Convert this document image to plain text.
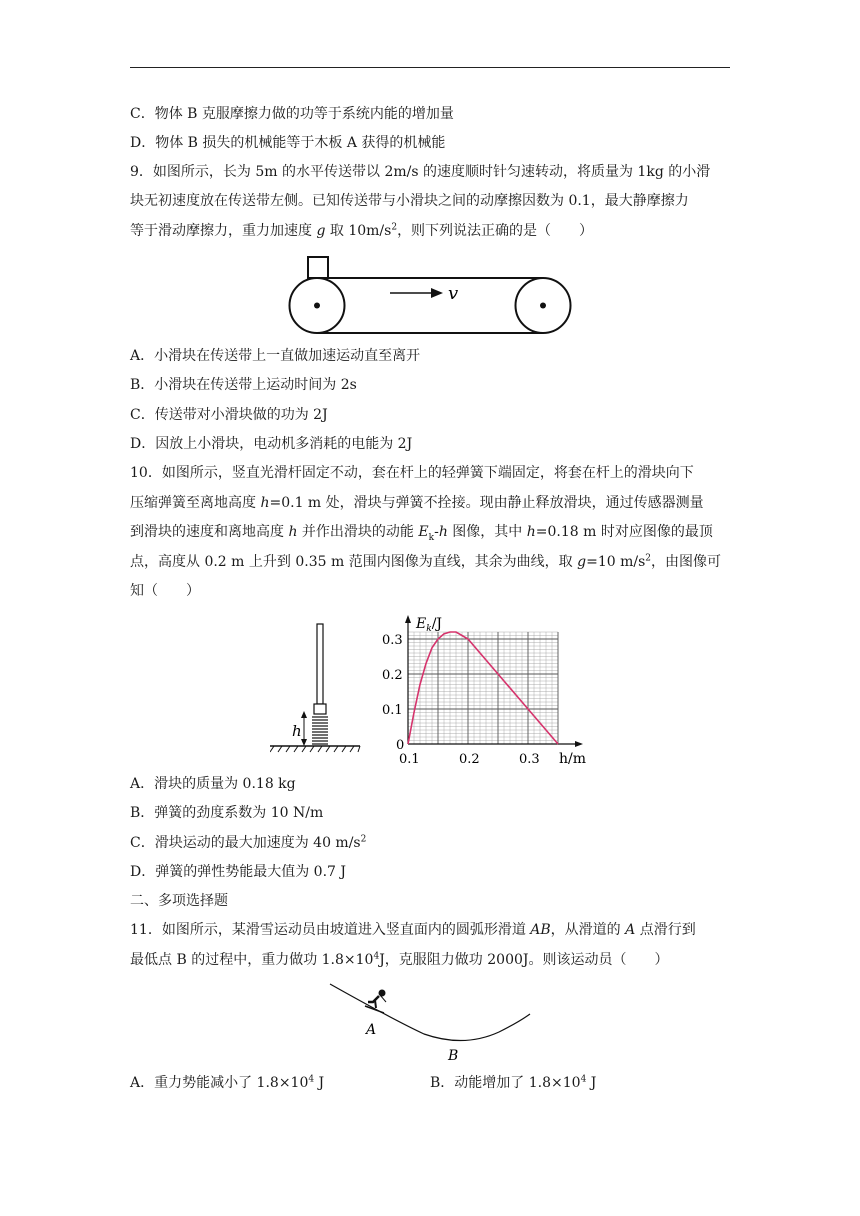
C．物体 B 克服摩擦力做的功等于系统内能的增加量
D．物体 B 损失的机械能等于木板 A 获得的机械能
9．如图所示，长为 5m 的水平传送带以 2m/s 的速度顺时针匀速转动，将质量为 1kg 的小滑
块无初速度放在传送带左侧。已知传送带与小滑块之间的动摩擦因数为 0.1，最大静摩擦力
等于滑动摩擦力，重力加速度 g 取 $10m/s^2$，则下列说法正确的是（　　）
v
A．小滑块在传送带上一直做加速运动直至离开
B．小滑块在传送带上运动时间为 2s
C．传送带对小滑块做的功为 2J
D．因放上小滑块，电动机多消耗的电能为 2J
10．如图所示，竖直光滑杆固定不动，套在杆上的轻弹簧下端固定，将套在杆上的滑块向下
压缩弹簧至离地高度 h=0.1 m 处，滑块与弹簧不拴接。现由静止释放滑块，通过传感器测量
到滑块的速度和离地高度 h 并作出滑块的动能 $E_k-h$ 图像，其中 h=0.18 m 时对应图像的最顶
点，高度从 0.2 m 上升到 0.35 m 范围内图像为直线，其余为曲线，取 g=10 $m/s^2$，由图像可
知（　　）
h
0.1	0.2	0.3
0
0.1
0.2
0.3
$E_k/J$
h/m
A．滑块的质量为 0.18 kg
B．弹簧的劲度系数为 10 N/m
C．滑块运动的最大加速度为 40 $m/s^2$
D．弹簧的弹性势能最大值为 0.7 J
二、多项选择题
11．如图所示，某滑雪运动员由坡道进入竖直面内的圆弧形滑道 AB，从滑道的 A 点滑行到
最低点 B 的过程中，重力做功 $1.8\times 10^4J$，克服阻力做功 2000J。则该运动员（　　）
A
B
A．重力势能减小了 $1.8\times 10^4$ J	B．动能增加了 $1.8\times 10^4$ J
